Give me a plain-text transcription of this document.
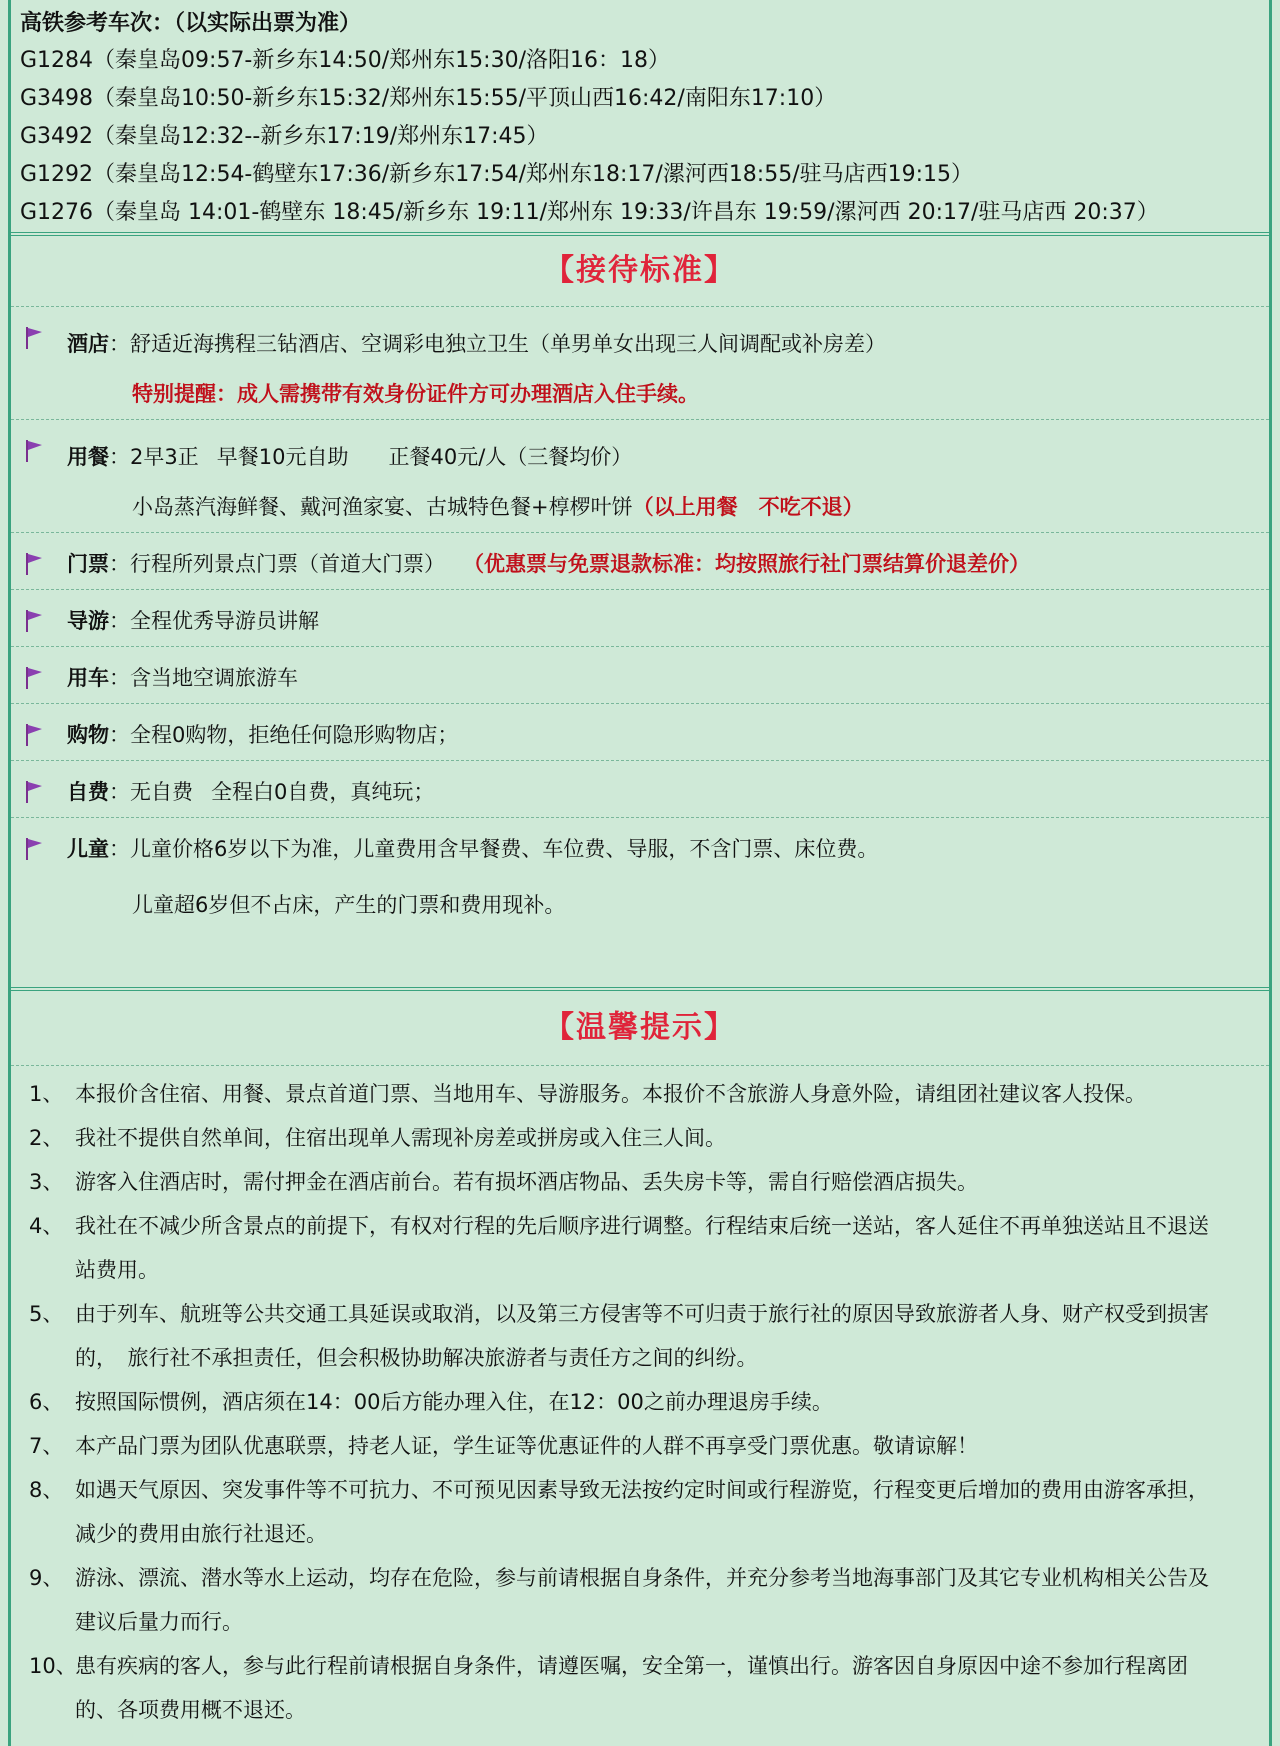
高铁参考车次：（以实际出票为准）
G1284（秦皇岛09:57-新乡东14:50/郑州东15:30/洛阳16：18）
G3498（秦皇岛10:50-新乡东15:32/郑州东15:55/平顶山西16:42/南阳东17:10）
G3492（秦皇岛12:32--新乡东17:19/郑州东17:45）
G1292（秦皇岛12:54-鹤壁东17:36/新乡东17:54/郑州东18:17/漯河西18:55/驻马店西19:15）
G1276（秦皇岛 14:01-鹤壁东 18:45/新乡东 19:11/郑州东 19:33/许昌东 19:59/漯河西 20:17/驻马店西 20:37）
【接待标准】
酒店：舒适近海携程三钻酒店、空调彩电独立卫生（单男单女出现三人间调配或补房差）
特别提醒：成人需携带有效身份证件方可办理酒店入住手续。
用餐：2早3正 早餐10元自助 正餐40元/人（三餐均价）
小岛蒸汽海鲜餐、戴河渔家宴、古城特色餐+椁椤叶饼（以上用餐　不吃不退）
门票：行程所列景点门票（首道大门票） （优惠票与免票退款标准：均按照旅行社门票结算价退差价）
导游：全程优秀导游员讲解
用车：含当地空调旅游车
购物：全程0购物，拒绝任何隐形购物店；
自费：无自费 全程白0自费，真纯玩；
儿童：儿童价格6岁以下为准，儿童费用含早餐费、车位费、导服，不含门票、床位费。
儿童超6岁但不占床，产生的门票和费用现补。
【温馨提示】
1、 本报价含住宿、用餐、景点首道门票、当地用车、导游服务。本报价不含旅游人身意外险，请组团社建议客人投保。
2、 我社不提供自然单间，住宿出现单人需现补房差或拼房或入住三人间。
3、 游客入住酒店时，需付押金在酒店前台。若有损坏酒店物品、丢失房卡等，需自行赔偿酒店损失。
4、 我社在不减少所含景点的前提下，有权对行程的先后顺序进行调整。行程结束后统一送站，客人延住不再单独送站且不退送
站费用。
5、 由于列车、航班等公共交通工具延误或取消，以及第三方侵害等不可归责于旅行社的原因导致旅游者人身、财产权受到损害
的，　旅行社不承担责任，但会积极协助解决旅游者与责任方之间的纠纷。
6、 按照国际惯例，酒店须在14：00后方能办理入住，在12：00之前办理退房手续。
7、 本产品门票为团队优惠联票，持老人证，学生证等优惠证件的人群不再享受门票优惠。敬请谅解！
8、 如遇天气原因、突发事件等不可抗力、不可预见因素导致无法按约定时间或行程游览，行程变更后增加的费用由游客承担，
减少的费用由旅行社退还。
9、 游泳、漂流、潜水等水上运动，均存在危险，参与前请根据自身条件，并充分参考当地海事部门及其它专业机构相关公告及
建议后量力而行。
10、
患有疾病的客人，参与此行程前请根据自身条件，请遵医嘱，安全第一，谨慎出行。游客因自身原因中途不参加行程离团
的、各项费用概不退还。
